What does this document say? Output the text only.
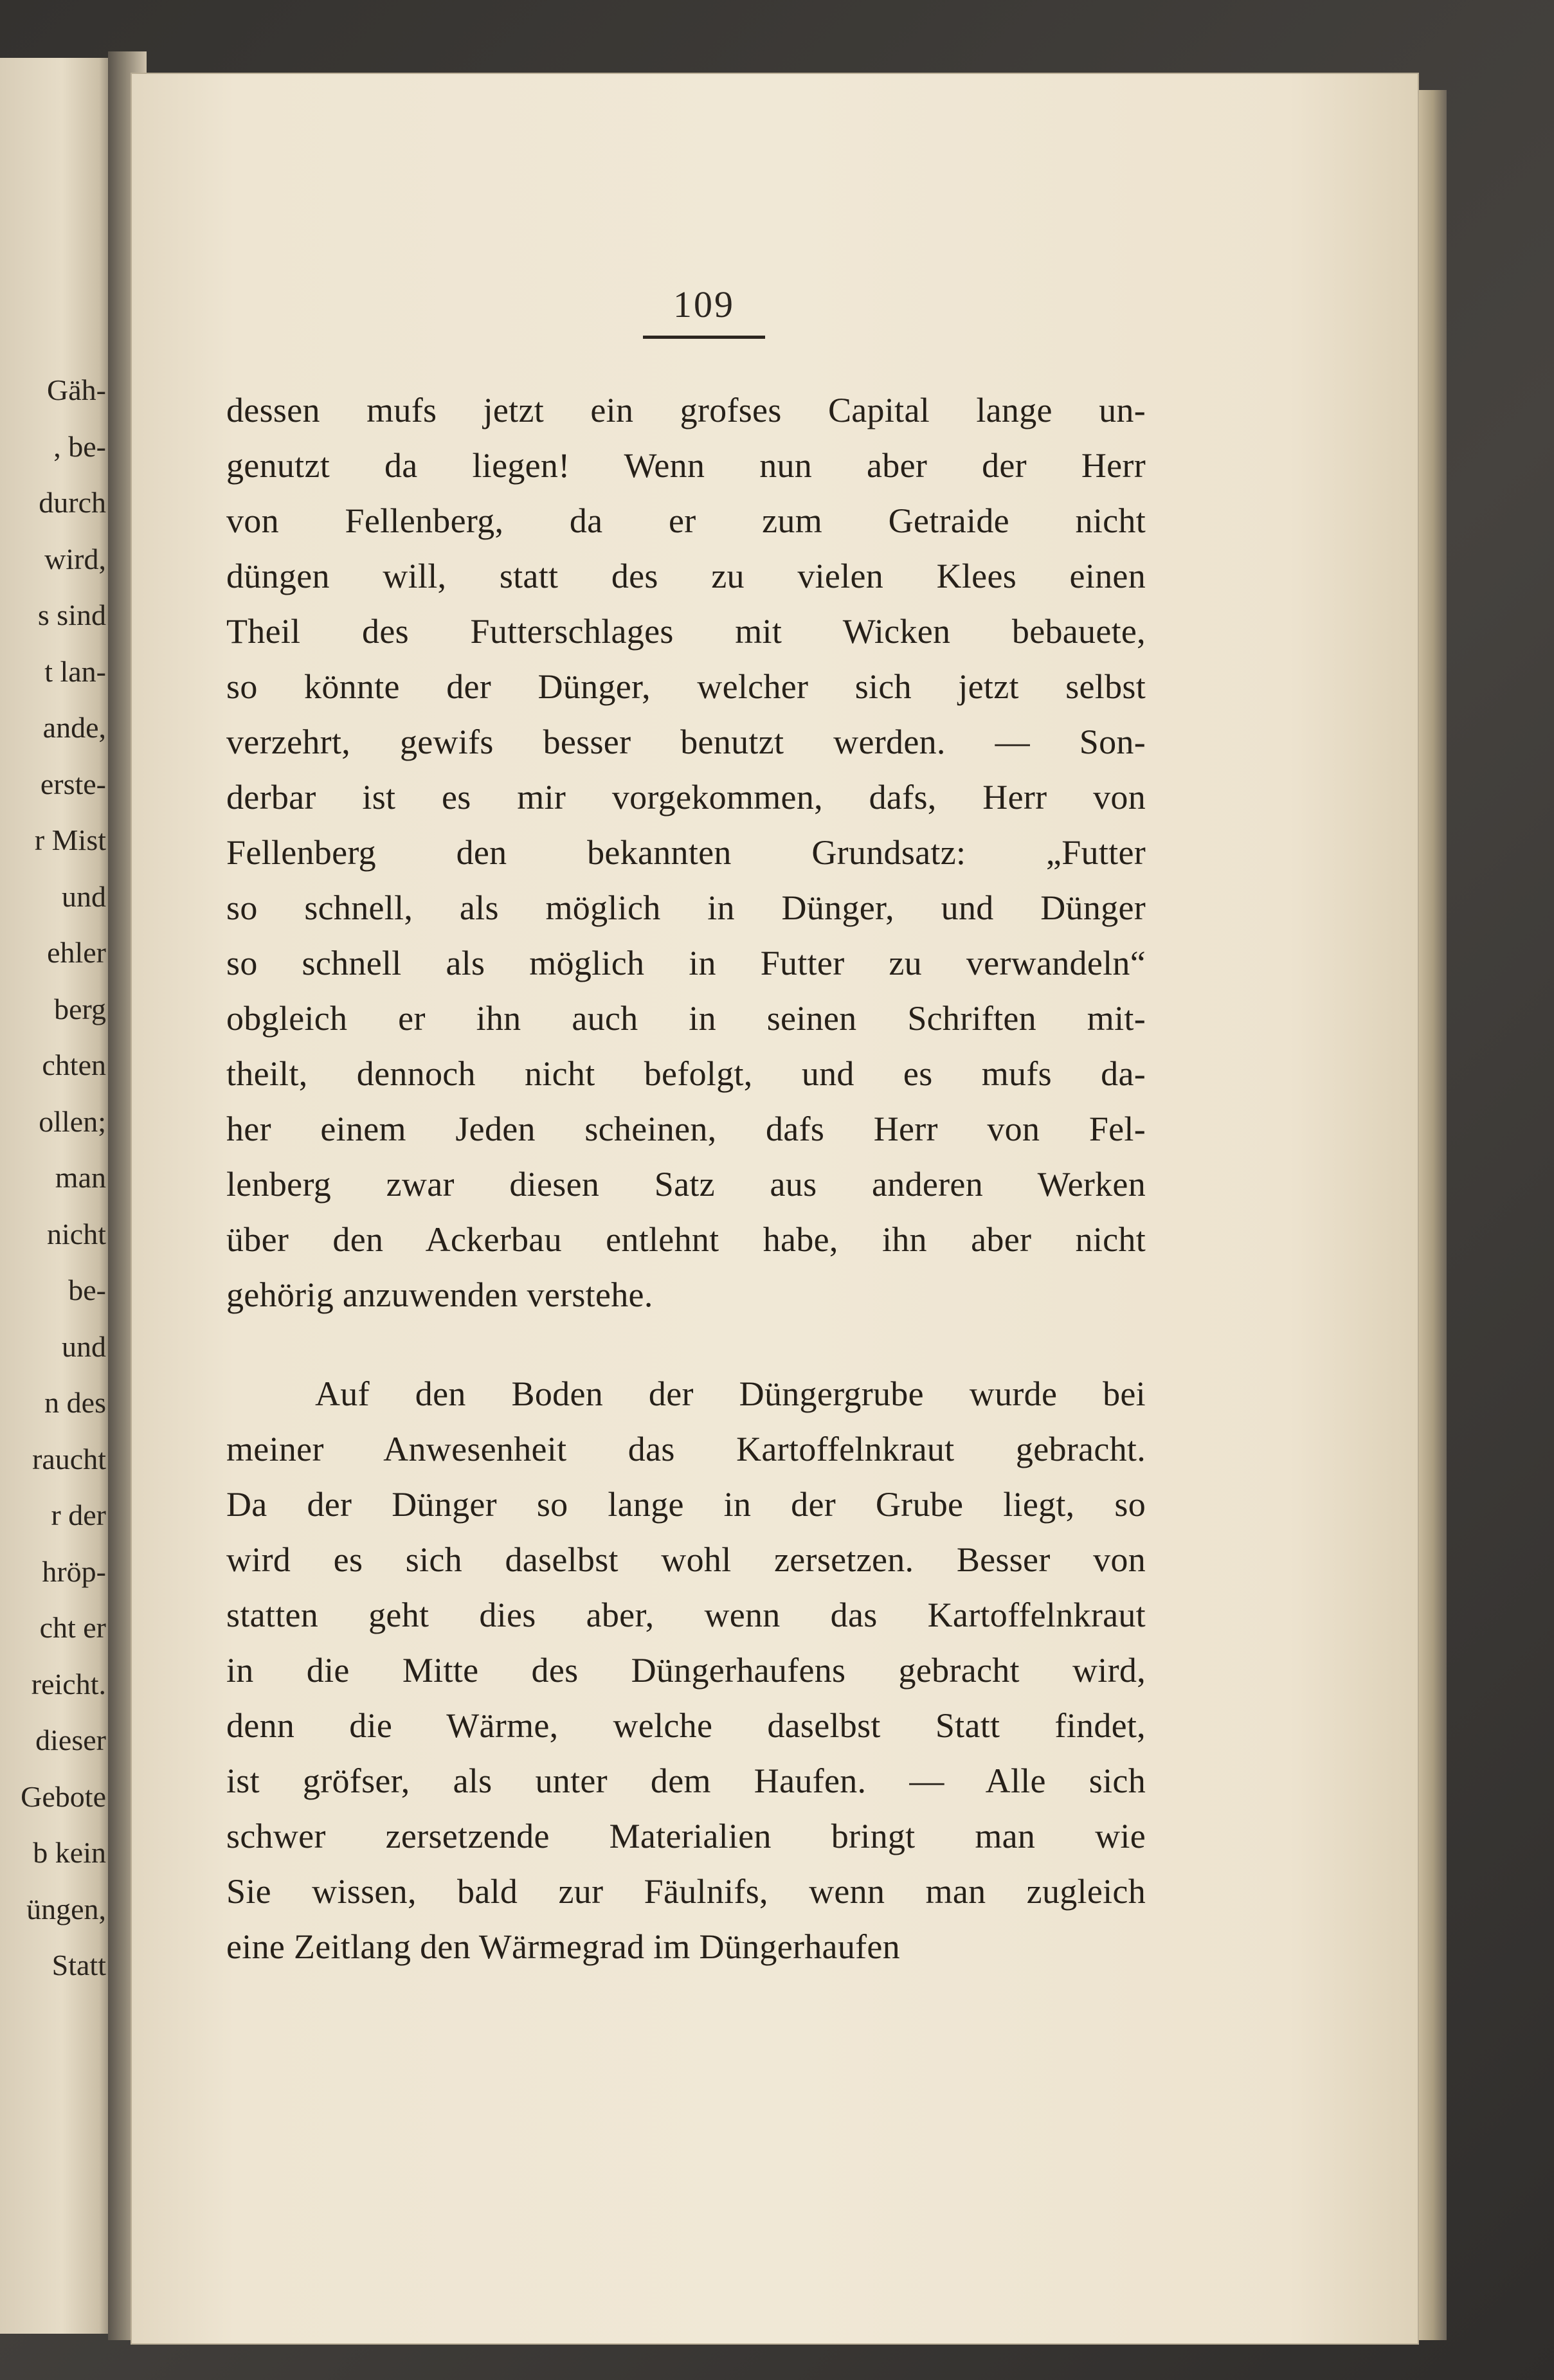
Gäh-
, be-
durch
wird,
s sind
t lan-
ande,
erste-
r Mist
und
ehler
berg
chten
ollen;
man
nicht
be-
und
n des
raucht
r der
hröp-
cht er
reicht.
dieser
Gebote
b kein
üngen,
Statt
109
dessen mufs jetzt ein grofses Capital lange un-
genutzt da liegen! Wenn nun aber der Herr
von Fellenberg, da er zum Getraide nicht
düngen will, statt des zu vielen Klees einen
Theil des Futterschlages mit Wicken bebauete,
so könnte der Dünger, welcher sich jetzt selbst
verzehrt, gewifs besser benutzt werden. — Son-
derbar ist es mir vorgekommen, dafs, Herr von
Fellenberg den bekannten Grundsatz: „Futter
so schnell, als möglich in Dünger, und Dünger
so schnell als möglich in Futter zu verwandeln“
obgleich er ihn auch in seinen Schriften mit-
theilt, dennoch nicht befolgt, und es mufs da-
her einem Jeden scheinen, dafs Herr von Fel-
lenberg zwar diesen Satz aus anderen Werken
über den Ackerbau entlehnt habe, ihn aber nicht
gehörig anzuwenden verstehe.
Auf den Boden der Düngergrube wurde bei
meiner Anwesenheit das Kartoffelnkraut gebracht.
Da der Dünger so lange in der Grube liegt, so
wird es sich daselbst wohl zersetzen. Besser von
statten geht dies aber, wenn das Kartoffelnkraut
in die Mitte des Düngerhaufens gebracht wird,
denn die Wärme, welche daselbst Statt findet,
ist gröfser, als unter dem Haufen. — Alle sich
schwer zersetzende Materialien bringt man wie
Sie wissen, bald zur Fäulnifs, wenn man zugleich
eine Zeitlang den Wärmegrad im Düngerhaufen
